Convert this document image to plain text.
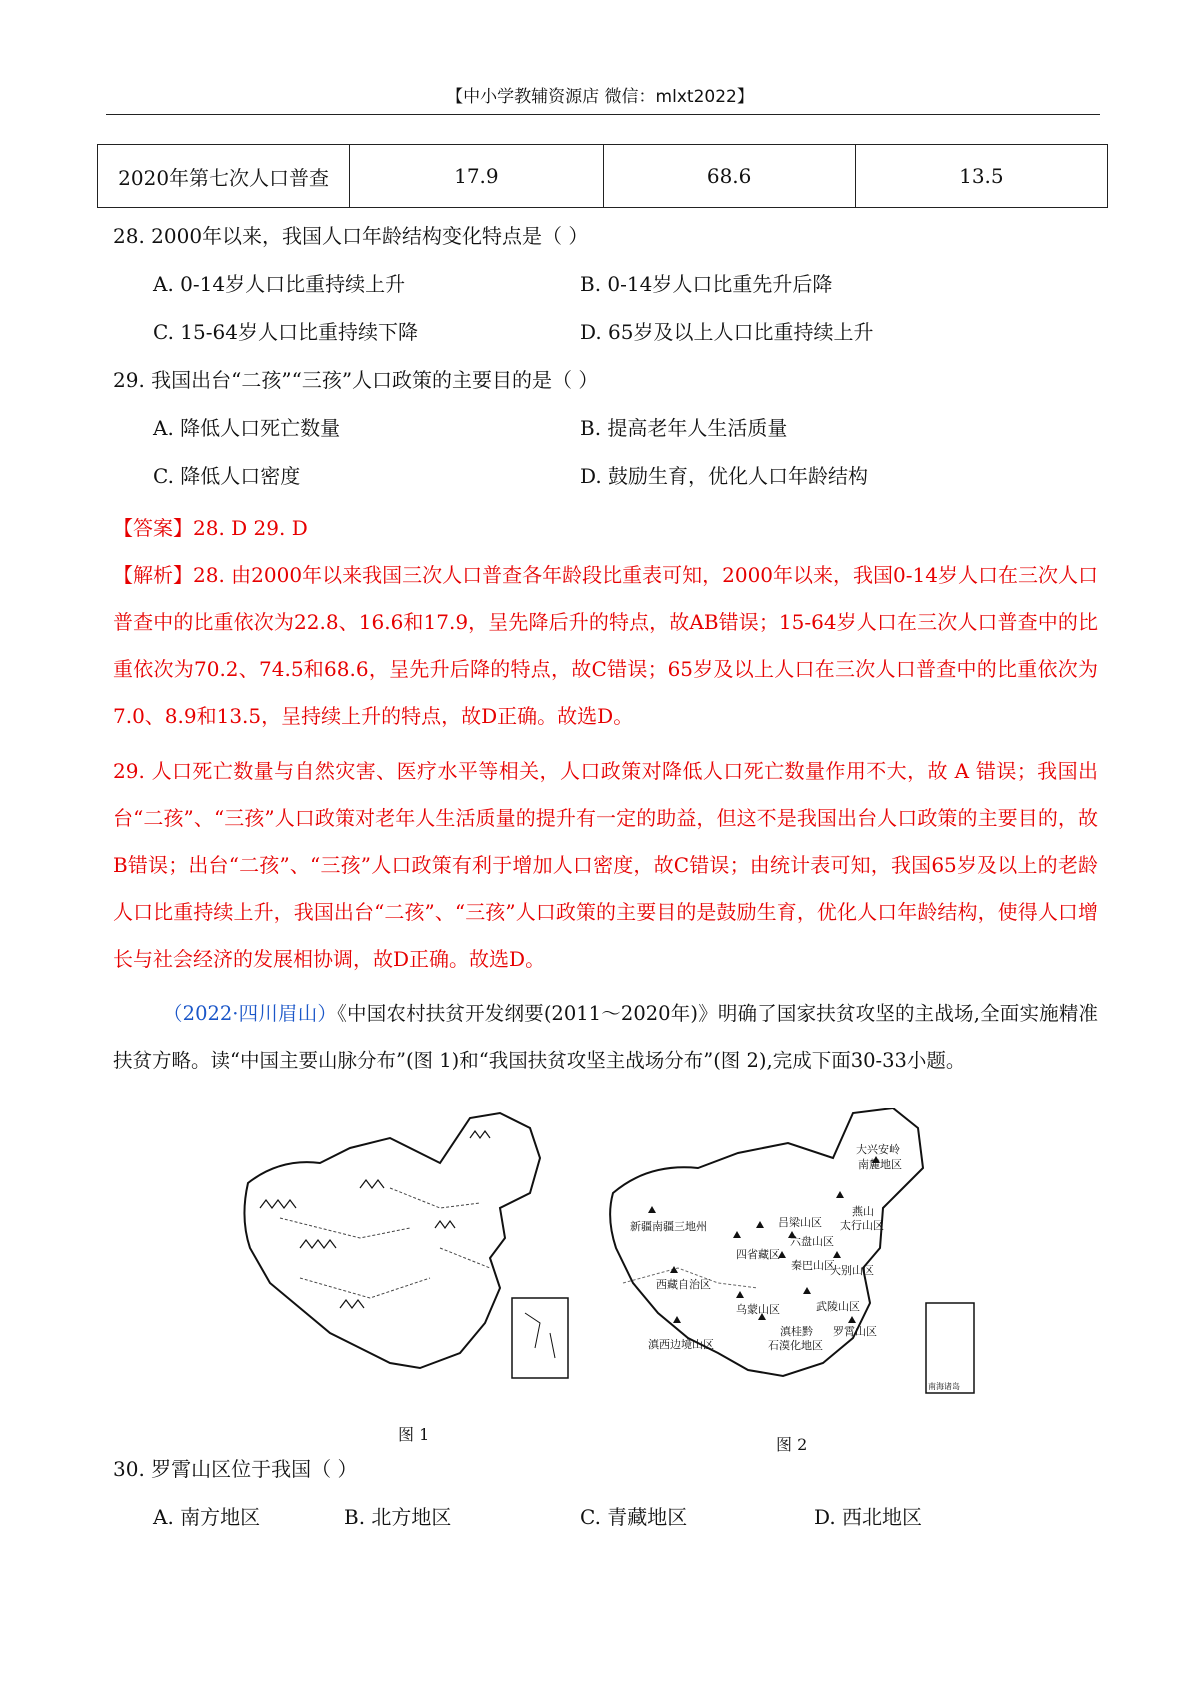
【中小学教辅资源店 微信：mlxt2022】
2020年第七次人口普查	17.9	68.6	13.5
28. 2000年以来，我国人口年龄结构变化特点是（ ）
A. 0-14岁人口比重持续上升	B. 0-14岁人口比重先升后降
C. 15-64岁人口比重持续下降	D. 65岁及以上人口比重持续上升
29. 我国出台“二孩”“三孩”人口政策的主要目的是（ ）
A. 降低人口死亡数量	B. 提高老年人生活质量
C. 降低人口密度	D. 鼓励生育，优化人口年龄结构
【答案】28. D 29. D
【解析】28. 由2000年以来我国三次人口普查各年龄段比重表可知，2000年以来，我国0-14岁人口在三次人口普查中的比重依次为22.8、16.6和17.9，呈先降后升的特点，故AB错误；15-64岁人口在三次人口普查中的比重依次为70.2、74.5和68.6，呈先升后降的特点，故C错误；65岁及以上人口在三次人口普查中的比重依次为7.0、8.9和13.5，呈持续上升的特点，故D正确。故选D。
29. 人口死亡数量与自然灾害、医疗水平等相关，人口政策对降低人口死亡数量作用不大，故 A 错误；我国出台“二孩”、“三孩”人口政策对老年人生活质量的提升有一定的助益，但这不是我国出台人口政策的主要目的，故B错误；出台“二孩”、“三孩”人口政策有利于增加人口密度，故C错误；由统计表可知，我国65岁及以上的老龄人口比重持续上升，我国出台“二孩”、“三孩”人口政策的主要目的是鼓励生育，优化人口年龄结构，使得人口增长与社会经济的发展相协调，故D正确。故选D。
（2022·四川眉山）《中国农村扶贫开发纲要(2011～2020年)》明确了国家扶贫攻坚的主战场,全面实施精准扶贫方略。读“中国主要山脉分布”(图 1)和“我国扶贫攻坚主战场分布”(图 2),完成下面30-33小题。
图 1
大兴安岭
南麓地区
新疆南疆三地州
燕山
太行山区
吕梁山区
六盘山区
四省藏区
秦巴山区
大别山区
西藏自治区
乌蒙山区	武陵山区
滇桂黔
石漠化地区
罗霄山区
滇西边境山区
南海诸岛
图 2
30. 罗霄山区位于我国（ ）
A. 南方地区	B. 北方地区	C. 青藏地区	D. 西北地区
